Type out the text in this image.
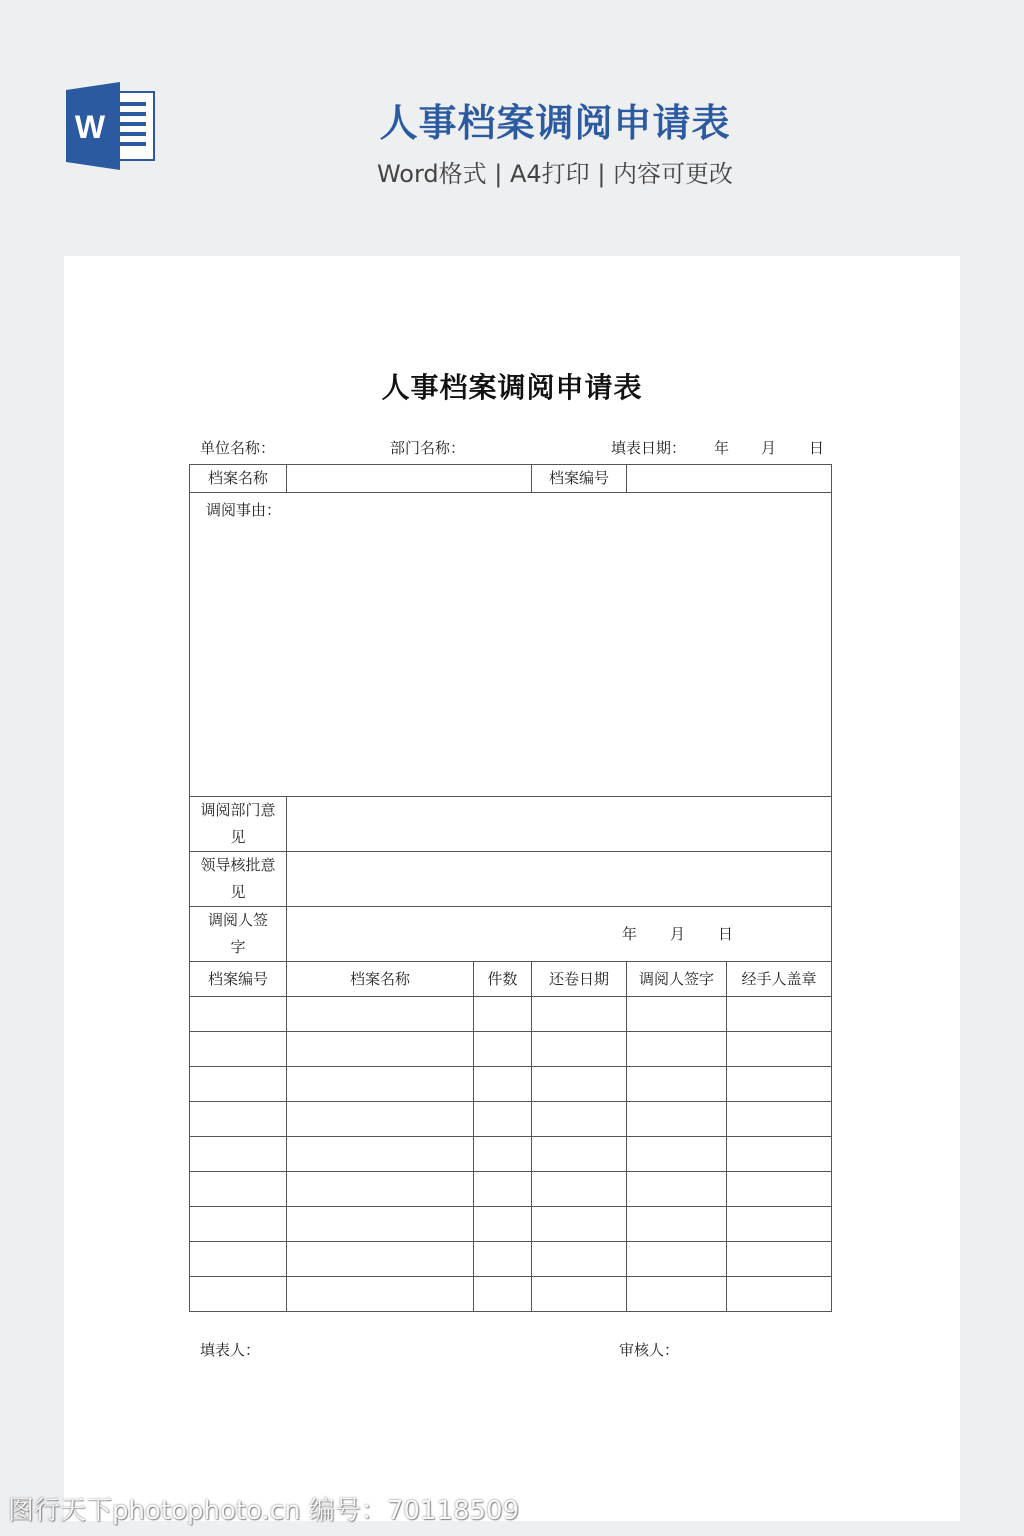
W	人事档案调阅申请表
Word格式 | A4打印 | 内容可更改
人事档案调阅申请表
单位名称：	部门名称：	填表日期： 年 月 日
档案名称			档案编号		
调阅事由：					

调阅部门意见					

领导核批意见					

调阅人签字	年 月 日				

档案编号	档案名称	件数	还卷日期	调阅人签字	经手人盖章

填表人：	审核人：
图行天下photophoto.cn 编号：70118509
